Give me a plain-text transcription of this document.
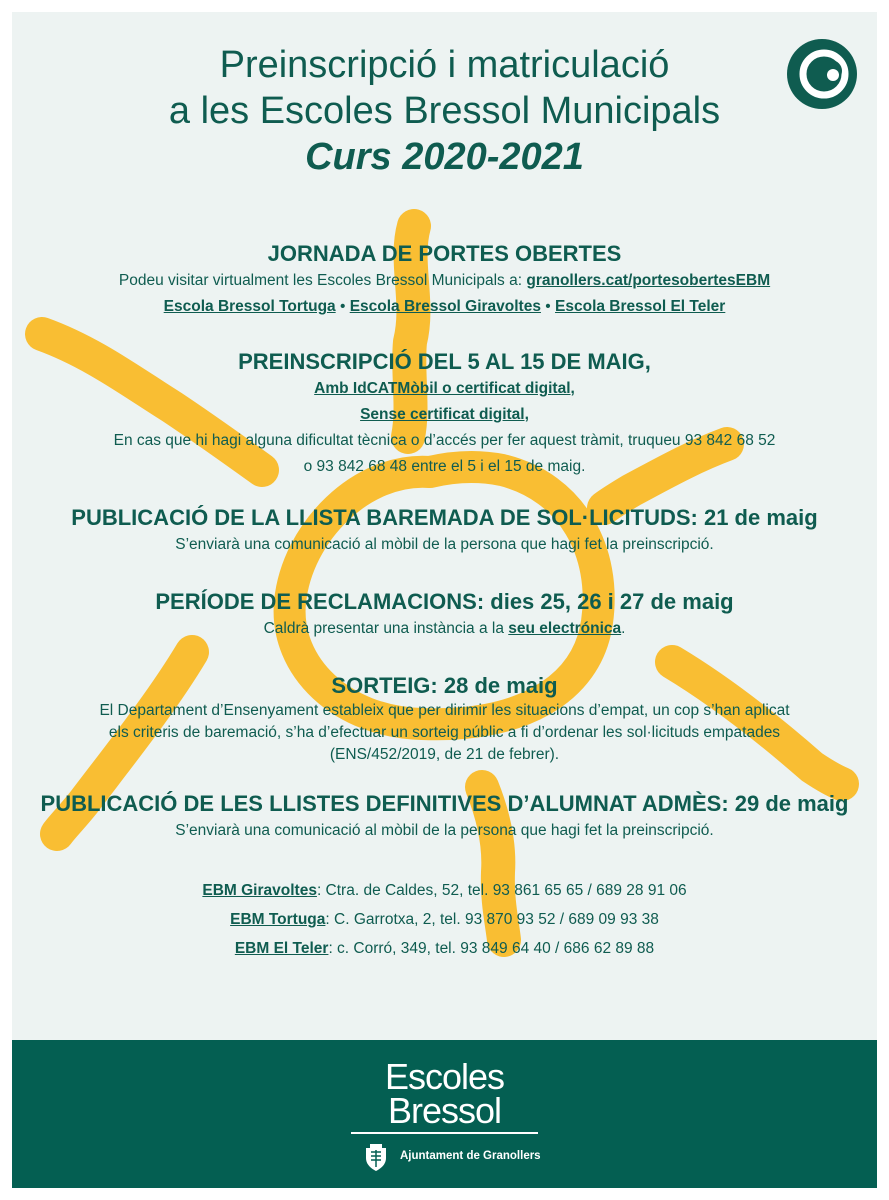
Preinscripció i matriculació
a les Escoles Bressol Municipals
Curs 2020-2021

JORNADA DE PORTES OBERTES

Podeu visitar virtualment les Escoles Bressol Municipals a: granollers.cat/portesobertesEBM

Escola Bressol Tortuga • Escola Bressol Giravoltes • Escola Bressol El Teler

PREINSCRIPCIÓ DEL 5 AL 15 DE MAIG,

Amb IdCATMòbil o certificat digital,

Sense certificat digital,

En cas que hi hagi alguna dificultat tècnica o d’accés per fer aquest tràmit, truqueu 93 842 68 52

o 93 842 68 48 entre el 5 i el 15 de maig.

PUBLICACIÓ DE LA LLISTA BAREMADA DE SOL·LICITUDS: 21 de maig

S’enviarà una comunicació al mòbil de la persona que hagi fet la preinscripció.

PERÍODE DE RECLAMACIONS: dies 25, 26 i 27 de maig

Caldrà presentar una instància a la seu electrónica.

SORTEIG: 28 de maig

El Departament d’Ensenyament estableix que per dirimir les situacions d’empat, un cop s’han aplicat

els criteris de baremació, s’ha d’efectuar un sorteig públic a fi d’ordenar les sol·licituds empatades

(ENS/452/2019, de 21 de febrer).

PUBLICACIÓ DE LES LLISTES DEFINITIVES D’ALUMNAT ADMÈS: 29 de maig

S’enviarà una comunicació al mòbil de la persona que hagi fet la preinscripció.

EBM Giravoltes: Ctra. de Caldes, 52, tel. 93 861 65 65 / 689 28 91 06

EBM Tortuga: C. Garrotxa, 2, tel. 93 870 93 52 / 689 09 93 38

EBM El Teler: c. Corró, 349, tel. 93 849 64 40 / 686 62 89 88

Escoles
Bressol
Ajuntament de Granollers
